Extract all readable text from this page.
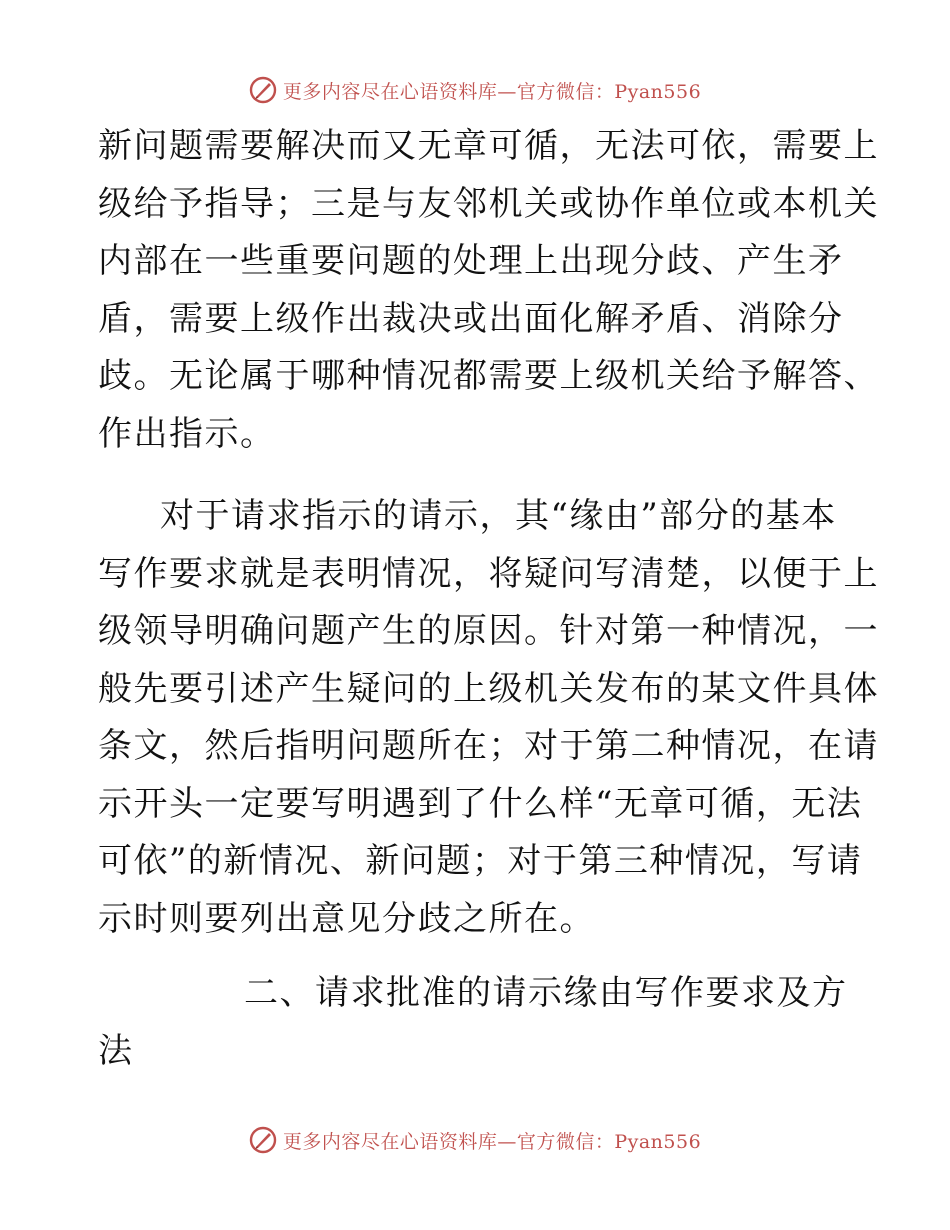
更多内容尽在心语资料库—官方微信：Pyan556
新问题需要解决而又无章可循，无法可依，需要上
级给予指导；三是与友邻机关或协作单位或本机关
内部在一些重要问题的处理上出现分歧、产生矛
盾，需要上级作出裁决或出面化解矛盾、消除分
歧。无论属于哪种情况都需要上级机关给予解答、
作出指示。
对于请求指示的请示，其“缘由”部分的基本
写作要求就是表明情况，将疑问写清楚，以便于上
级领导明确问题产生的原因。针对第一种情况，一
般先要引述产生疑问的上级机关发布的某文件具体
条文，然后指明问题所在；对于第二种情况，在请
示开头一定要写明遇到了什么样“无章可循，无法
可依”的新情况、新问题；对于第三种情况，写请
示时则要列出意见分歧之所在。
二、请求批准的请示缘由写作要求及方
法
更多内容尽在心语资料库—官方微信：Pyan556
